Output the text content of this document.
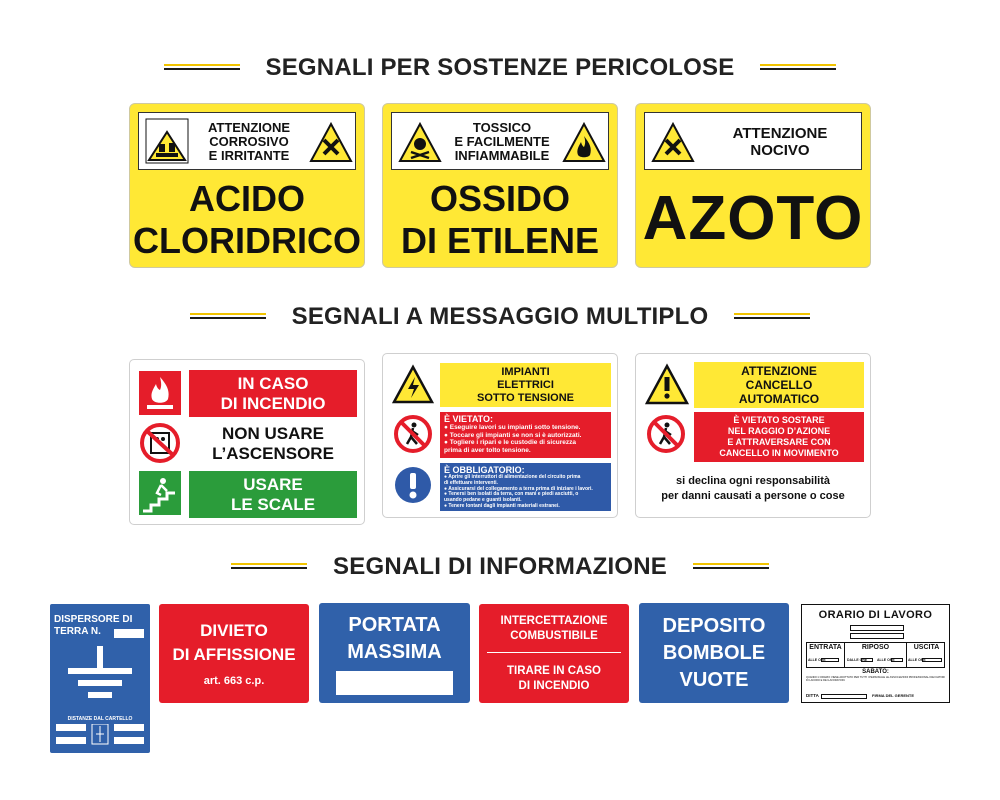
SEGNALI PER SOSTENZE PERICOLOSE
ATTENZIONE
CORROSIVO
E IRRITANTE
ACIDO
CLORIDRICO
TOSSICO
E FACILMENTE
INFIAMMABILE
OSSIDO
DI ETILENE
ATTENZIONE
NOCIVO
AZOTO
SEGNALI A MESSAGGIO MULTIPLO
IN CASO
DI INCENDIO
NON USARE
L’ASCENSORE
USARE
LE SCALE
IMPIANTI
ELETTRICI
SOTTO TENSIONE
È VIETATO:
● Eseguire lavori su impianti sotto tensione.
● Toccare gli impianti se non si è autorizzati.
● Togliere i ripari e le custodie di sicurezza
prima di aver tolto tensione.
È OBBLIGATORIO:
● Aprire gli interruttori di alimentazione del circuito prima
di effettuare interventi.
● Assicurarsi del collegamento a terra prima di iniziare i lavori.
● Tenersi ben isolati da terra, con mani e piedi asciutti, o
usando pedane e guanti isolanti.
● Tenere lontani dagli impianti materiali estranei.
ATTENZIONE
CANCELLO
AUTOMATICO
È VIETATO SOSTARE
NEL RAGGIO D’AZIONE
E ATTRAVERSARE CON
CANCELLO IN MOVIMENTO
si declina ogni responsabilità
per danni causati a persone o cose
SEGNALI DI INFORMAZIONE
DISPERSORE DI
TERRA N.
DISTANZE DAL CARTELLO
DIVIETO
DI AFFISSIONE
art. 663 c.p.
PORTATA
MASSIMA
INTERCETTAZIONE
COMBUSTIBILE
TIRARE IN CASO
DI INCENDIO
DEPOSITO
BOMBOLE
VUOTE
ORARIO DI LAVORO
ENTRATA
ALLE ORE
RIPOSO
DALLE ORE	ALLE ORE
USCITA
ALLE ORE
SABATO:
QUANDO L'ORARIO VIENE ADOTTATO PER TUTTI I PERSONALE LE ASSOCIAZIONI PROFESSIONALI DEI DATORI DI LAVORO E DEI LAVORATORI.
DITTA	FIRMA DEL GERENTE
